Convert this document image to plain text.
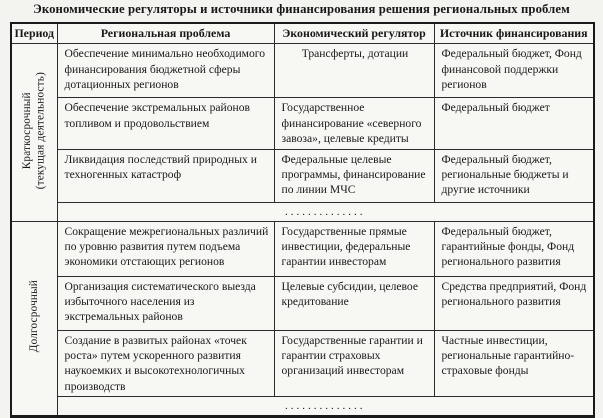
Экономические регуляторы и источники финансирования решения региональных проблем
Период	Региональная проблема	Экономический регулятор	Источник финансирования

Краткосрочный (текущая деятельность)	Обеспечение минимально необходимого финансирования бюджетной сферы дотационных регионов	Трансферты, дотации	Федеральный бюджет, Фонд финансовой поддержки регионов
	Обеспечение экстремальных районов топливом и продовольствием	Государственное финансирование «северного завоза», целевые кредиты	Федеральный бюджет
	Ликвидация последствий природных и техногенных катастроф	Федеральные целевые программы, финансирование по линии МЧС	Федеральный бюджет, региональные бюджеты и другие источники
	..............		

Долгосрочный	Сокращение межрегиональных различий по уровню развития путем подъема экономики отстающих регионов	Государственные прямые инвестиции, федеральные гарантии инвесторам	Федеральный бюджет, гарантийные фонды, Фонд регионального развития
	Организация систематического выезда избыточного населения из экстремальных районов	Целевые субсидии, целевое кредитование	Средства предприятий, Фонд регионального развития
	Создание в развитых районах «точек роста» путем ускоренного развития наукоемких и высокотехнологичных производств	Государственные гарантии и гарантии страховых организаций инвесторам	Частные инвестиции, региональные гарантийно-страховые фонды
	..............		
